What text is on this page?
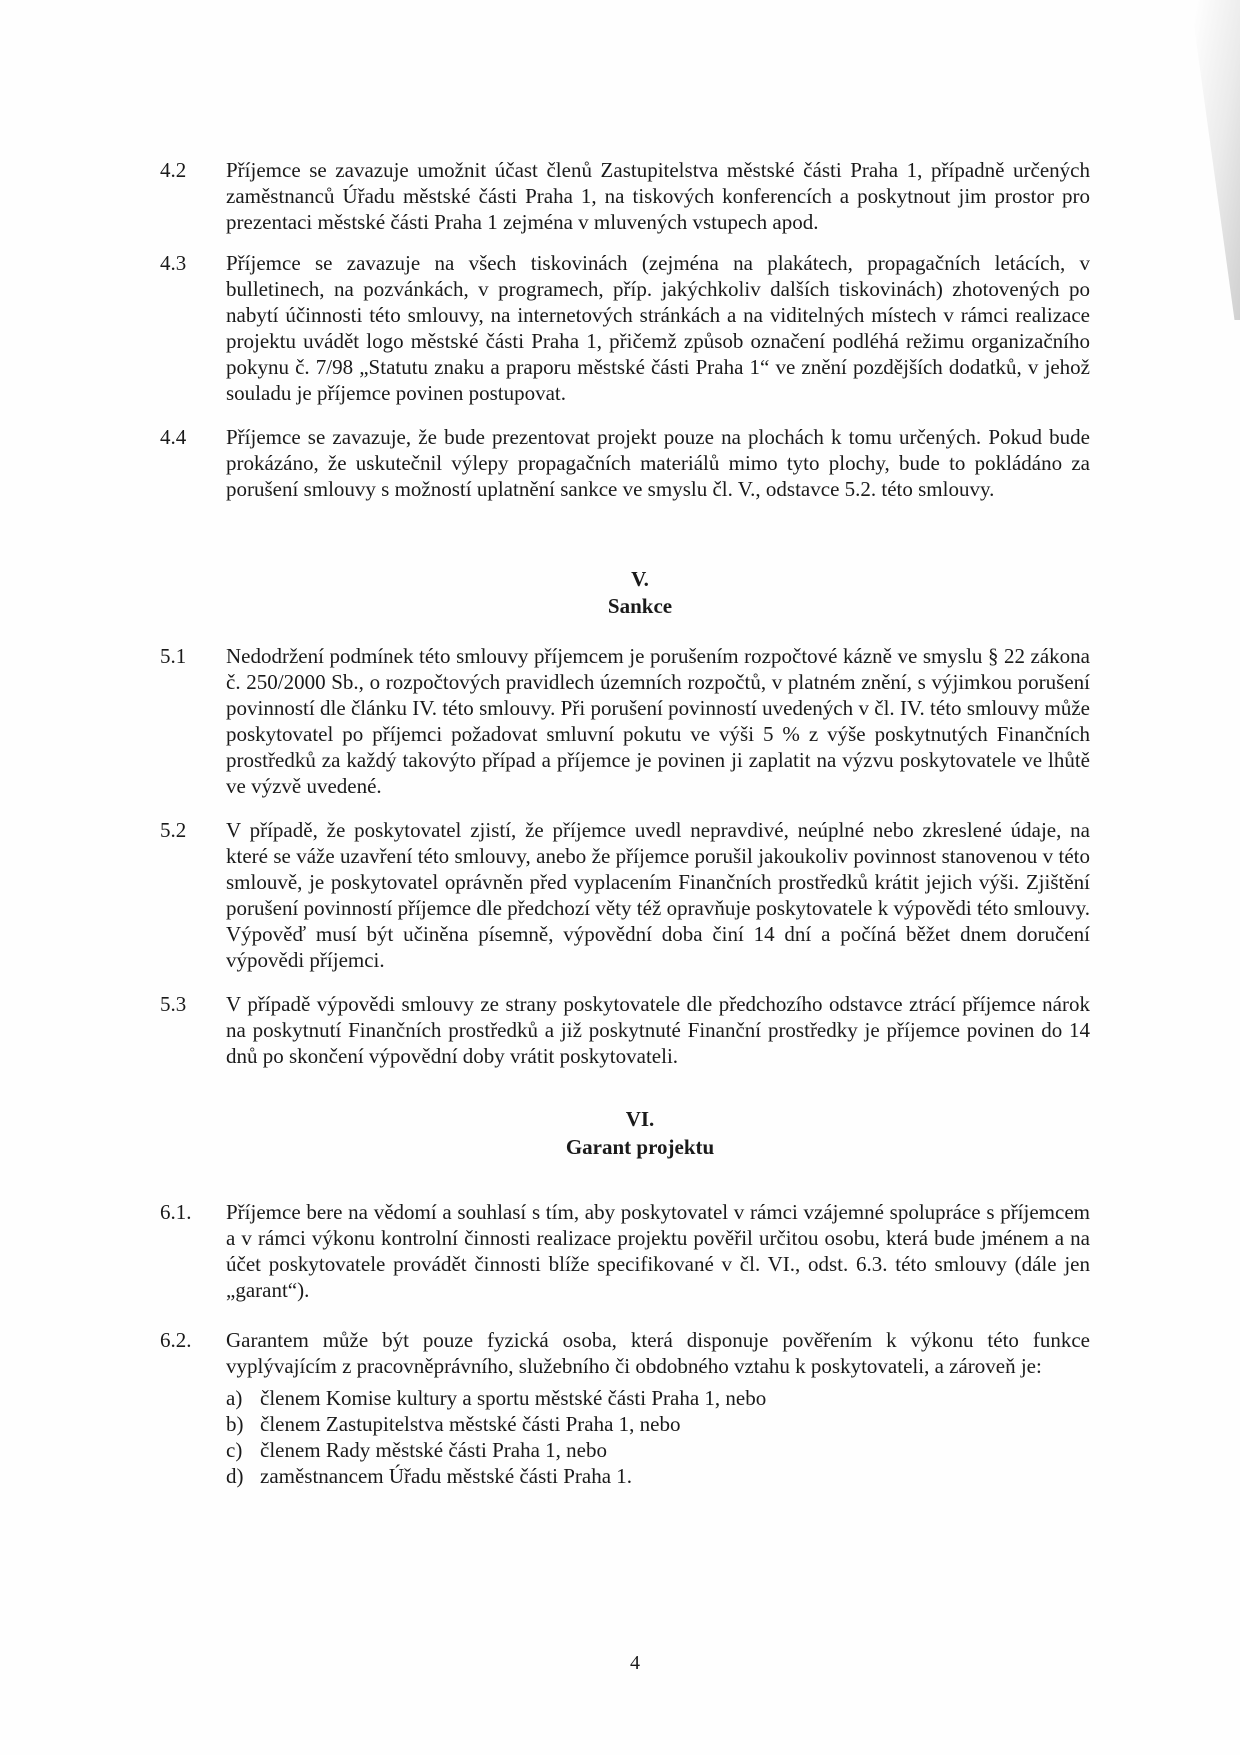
4.2	Příjemce se zavazuje umožnit účast členů Zastupitelstva městské části Praha 1, případně určených zaměstnanců Úřadu městské části Praha 1, na tiskových konferencích a poskytnout jim prostor pro prezentaci městské části Praha 1 zejména v mluvených vstupech apod.
4.3	Příjemce se zavazuje na všech tiskovinách (zejména na plakátech, propagačních letácích, v bulletinech, na pozvánkách, v programech, příp. jakýchkoliv dalších tiskovinách) zhotovených po nabytí účinnosti této smlouvy, na internetových stránkách a na viditelných místech v rámci realizace projektu uvádět logo městské části Praha 1, přičemž způsob označení podléhá režimu organizačního pokynu č. 7/98 „Statutu znaku a praporu městské části Praha 1“ ve znění pozdějších dodatků, v jehož souladu je příjemce povinen postupovat.
4.4	Příjemce se zavazuje, že bude prezentovat projekt pouze na plochách k tomu určených. Pokud bude prokázáno, že uskutečnil výlepy propagačních materiálů mimo tyto plochy, bude to pokládáno za porušení smlouvy s možností uplatnění sankce ve smyslu čl. V., odstavce 5.2. této smlouvy.
V.
Sankce
5.1	Nedodržení podmínek této smlouvy příjemcem je porušením rozpočtové kázně ve smyslu § 22 zákona č. 250/2000 Sb., o rozpočtových pravidlech územních rozpočtů, v platném znění, s výjimkou porušení povinností dle článku IV. této smlouvy. Při porušení povinností uvedených v čl. IV. této smlouvy může poskytovatel po příjemci požadovat smluvní pokutu ve výši 5 % z výše poskytnutých Finančních prostředků za každý takovýto případ a příjemce je povinen ji zaplatit na výzvu poskytovatele ve lhůtě ve výzvě uvedené.
5.2	V případě, že poskytovatel zjistí, že příjemce uvedl nepravdivé, neúplné nebo zkreslené údaje, na které se váže uzavření této smlouvy, anebo že příjemce porušil jakoukoliv povinnost stanovenou v této smlouvě, je poskytovatel oprávněn před vyplacením Finančních prostředků krátit jejich výši. Zjištění porušení povinností příjemce dle předchozí věty též opravňuje poskytovatele k výpovědi této smlouvy. Výpověď musí být učiněna písemně, výpovědní doba činí 14 dní a počíná běžet dnem doručení výpovědi příjemci.
5.3	V případě výpovědi smlouvy ze strany poskytovatele dle předchozího odstavce ztrácí příjemce nárok na poskytnutí Finančních prostředků a již poskytnuté Finanční prostředky je příjemce povinen do 14 dnů po skončení výpovědní doby vrátit poskytovateli.
VI.
Garant projektu
6.1.	Příjemce bere na vědomí a souhlasí s tím, aby poskytovatel v rámci vzájemné spolupráce s příjemcem a v rámci výkonu kontrolní činnosti realizace projektu pověřil určitou osobu, která bude jménem a na účet poskytovatele provádět činnosti blíže specifikované v čl. VI., odst. 6.3. této smlouvy (dále jen „garant“).
6.2.	Garantem může být pouze fyzická osoba, která disponuje pověřením k výkonu této funkce vyplývajícím z pracovněprávního, služebního či obdobného vztahu k poskytovateli, a zároveň je:
a) členem Komise kultury a sportu městské části Praha 1, nebo
b) členem Zastupitelstva městské části Praha 1, nebo
c) členem Rady městské části Praha 1, nebo
d) zaměstnancem Úřadu městské části Praha 1.
4
